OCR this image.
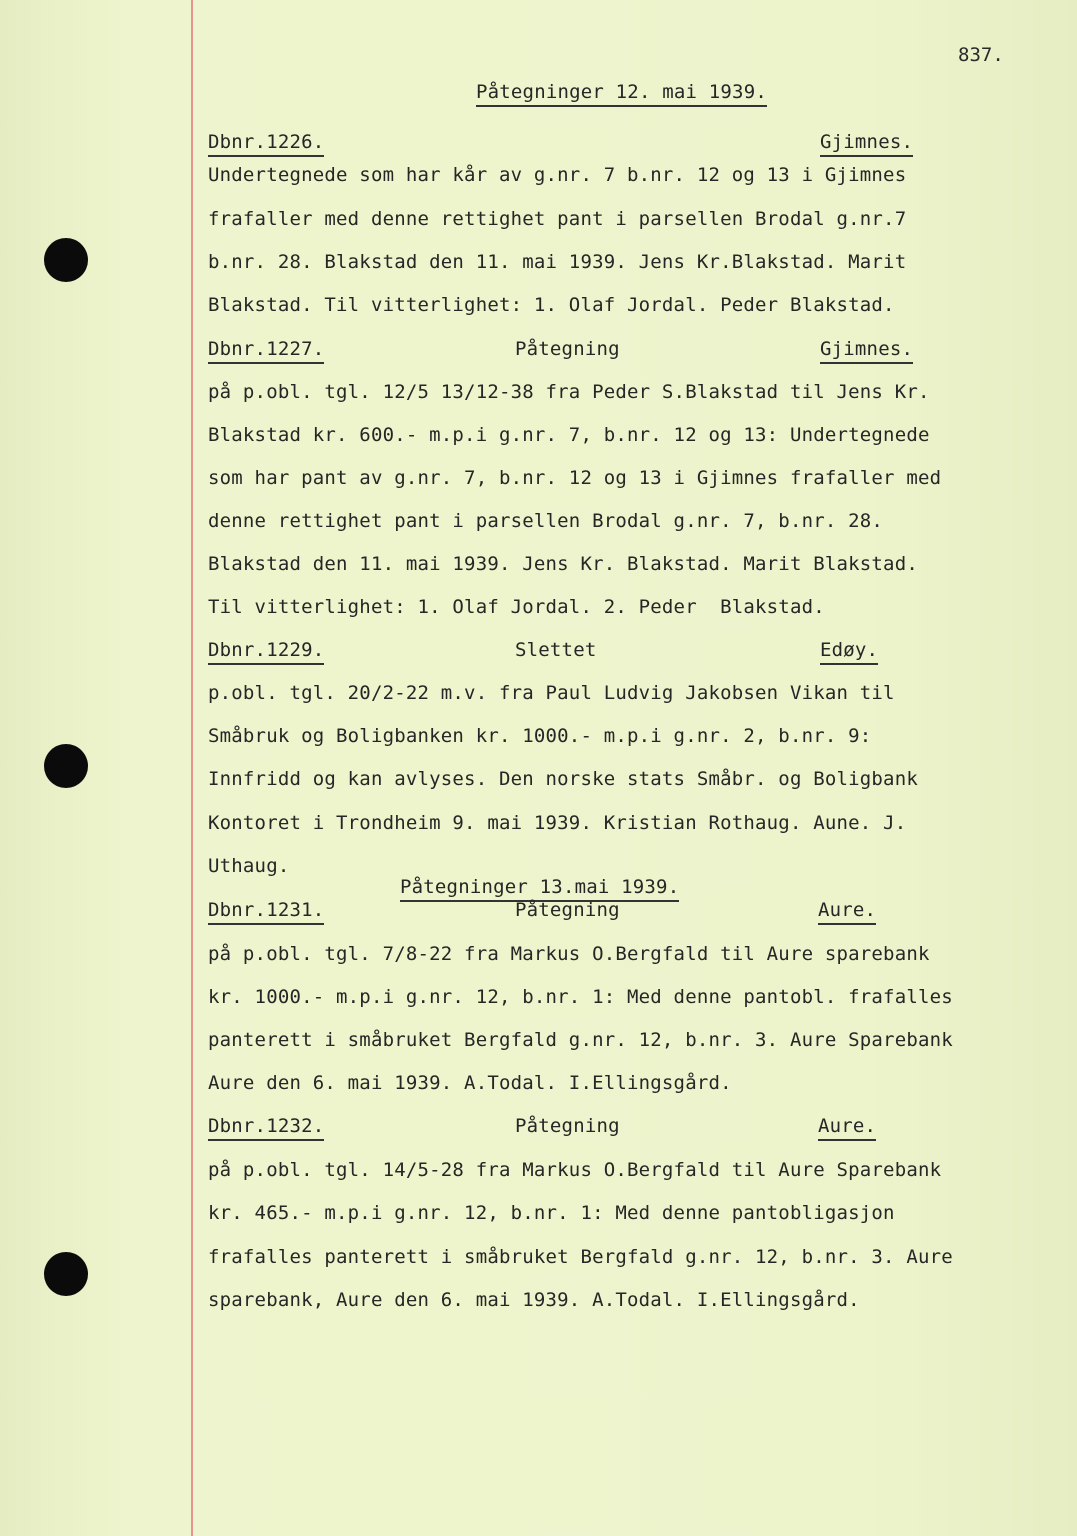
837.
Påtegninger 12. mai 1939.
Dbnr.1226.	Gjimnes.
Undertegnede som har kår av g.nr. 7 b.nr. 12 og 13 i Gjimnes
frafaller med denne rettighet pant i parsellen Brodal g.nr.7
b.nr. 28. Blakstad den 11. mai 1939. Jens Kr.Blakstad. Marit
Blakstad. Til vitterlighet: 1. Olaf Jordal. Peder Blakstad.
Dbnr.1227.	Påtegning	Gjimnes.
på p.obl. tgl. 12/5 13/12-38 fra Peder S.Blakstad til Jens Kr.
Blakstad kr. 600.- m.p.i g.nr. 7, b.nr. 12 og 13: Undertegnede
som har pant av g.nr. 7, b.nr. 12 og 13 i Gjimnes frafaller med
denne rettighet pant i parsellen Brodal g.nr. 7, b.nr. 28.
Blakstad den 11. mai 1939. Jens Kr. Blakstad. Marit Blakstad.
Til vitterlighet: 1. Olaf Jordal. 2. Peder  Blakstad.
Dbnr.1229.	Slettet	Edøy.
p.obl. tgl. 20/2-22 m.v. fra Paul Ludvig Jakobsen Vikan til
Småbruk og Boligbanken kr. 1000.- m.p.i g.nr. 2, b.nr. 9:
Innfridd og kan avlyses. Den norske stats Småbr. og Boligbank
Kontoret i Trondheim 9. mai 1939. Kristian Rothaug. Aune. J.
Uthaug.
Påtegninger 13.mai 1939.
Dbnr.1231.	Påtegning	Aure.
på p.obl. tgl. 7/8-22 fra Markus O.Bergfald til Aure sparebank
kr. 1000.- m.p.i g.nr. 12, b.nr. 1: Med denne pantobl. frafalles
panterett i småbruket Bergfald g.nr. 12, b.nr. 3. Aure Sparebank
Aure den 6. mai 1939. A.Todal. I.Ellingsgård.
Dbnr.1232.	Påtegning	Aure.
på p.obl. tgl. 14/5-28 fra Markus O.Bergfald til Aure Sparebank
kr. 465.- m.p.i g.nr. 12, b.nr. 1: Med denne pantobligasjon
frafalles panterett i småbruket Bergfald g.nr. 12, b.nr. 3. Aure
sparebank, Aure den 6. mai 1939. A.Todal. I.Ellingsgård.
